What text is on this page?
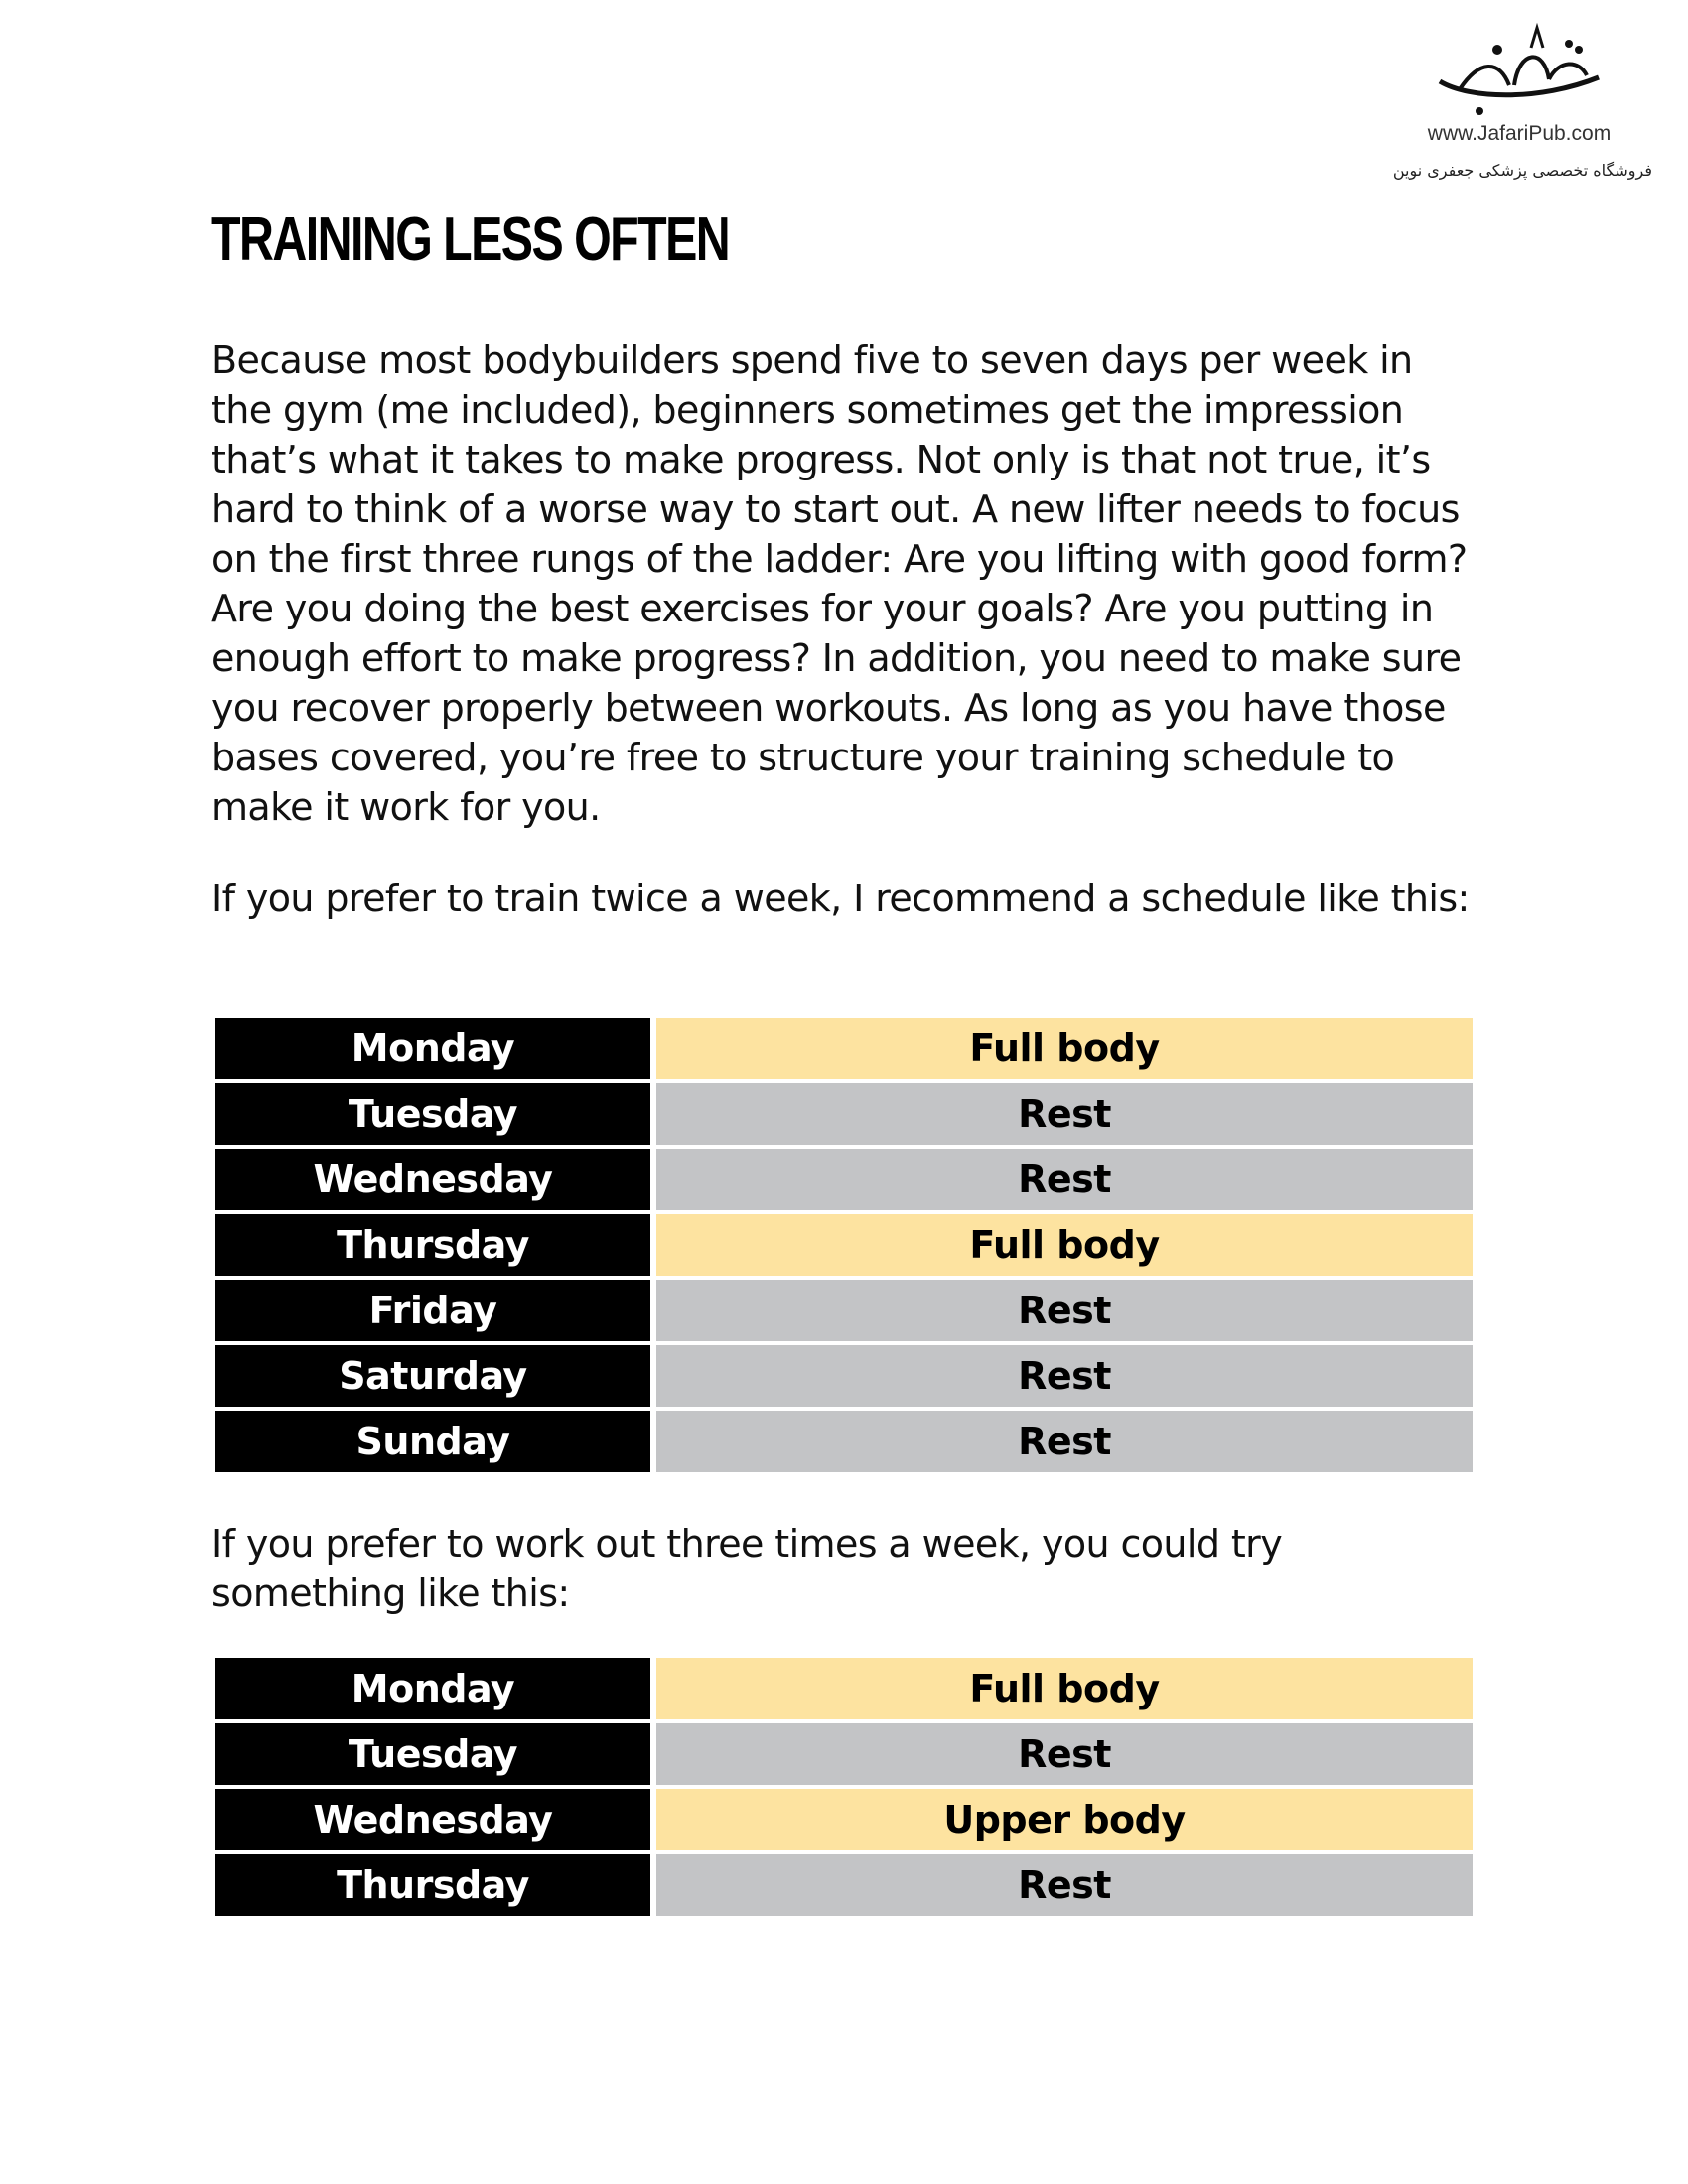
www.JafariPub.com
فروشگاه تخصصی پزشکی جعفری نوین
TRAINING LESS OFTEN

Because most bodybuilders spend five to seven days per week in the gym (me included), beginners sometimes get the impression that’s what it takes to make progress. Not only is that not true, it’s hard to think of a worse way to start out. A new lifter needs to focus on the first three rungs of the ladder: Are you lifting with good form? Are you doing the best exercises for your goals? Are you putting in enough effort to make progress? In addition, you need to make sure you recover properly between workouts. As long as you have those bases covered, you’re free to structure your training schedule to make it work for you.

If you prefer to train twice a week, I recommend a schedule like this:

Monday	Full body
Tuesday	Rest
Wednesday	Rest
Thursday	Full body
Friday	Rest
Saturday	Rest
Sunday	Rest

If you prefer to work out three times a week, you could try something like this:

Monday	Full body
Tuesday	Rest
Wednesday	Upper body
Thursday	Rest
